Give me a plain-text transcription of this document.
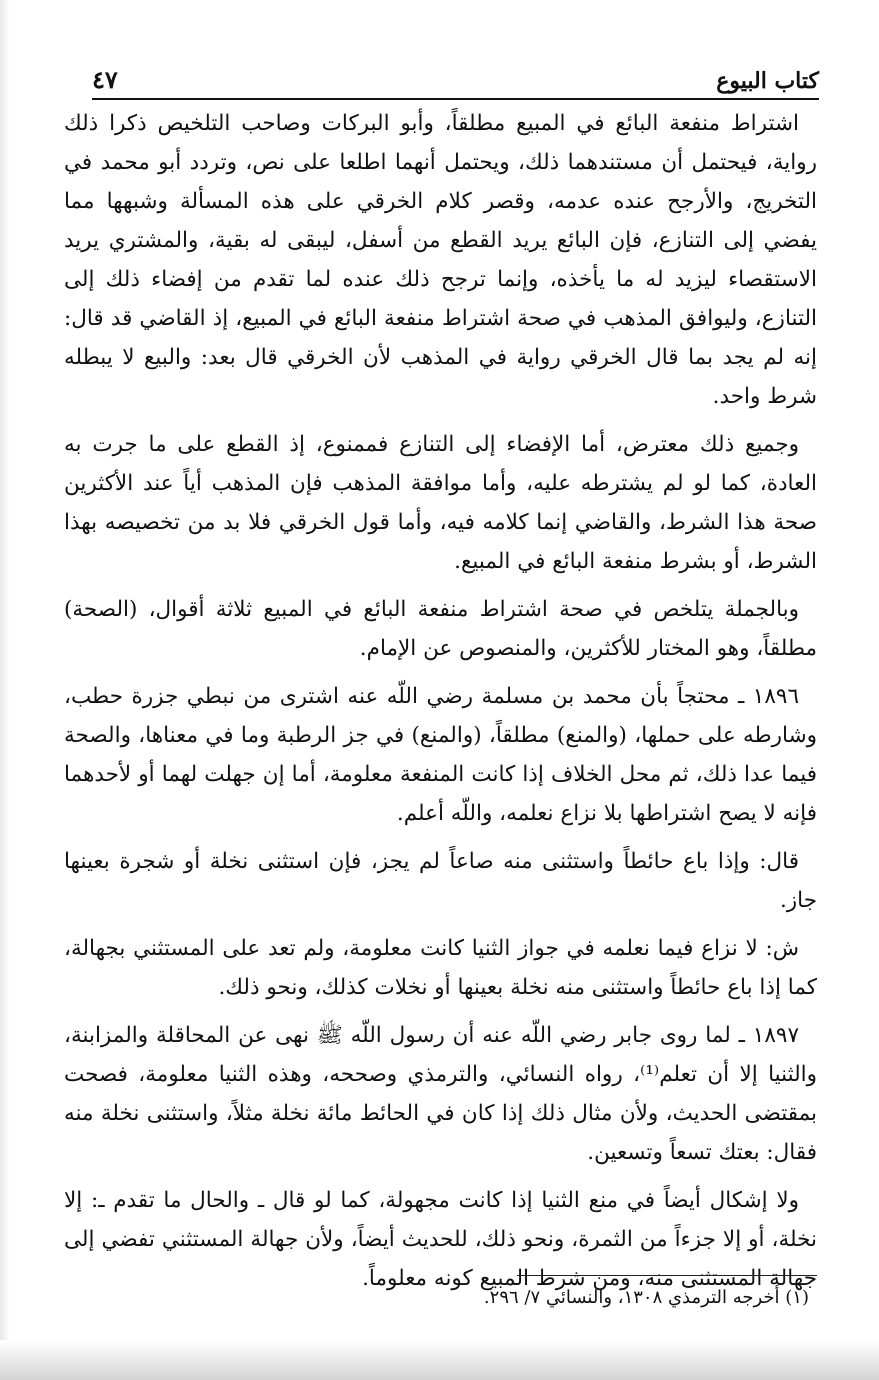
كتاب البيوع
٤٧

اشتراط منفعة البائع في المبيع مطلقاً، وأبو البركات وصاحب التلخيص ذكرا ذلك رواية، فيحتمل أن مستندهما ذلك، ويحتمل أنهما اطلعا على نص، وتردد أبو محمد في التخريج، والأرجح عنده عدمه، وقصر كلام الخرقي على هذه المسألة وشبهها مما يفضي إلى التنازع، فإن البائع يريد القطع من أسفل، ليبقى له بقية، والمشتري يريد الاستقصاء ليزيد له ما يأخذه، وإنما ترجح ذلك عنده لما تقدم من إفضاء ذلك إلى التنازع، وليوافق المذهب في صحة اشتراط منفعة البائع في المبيع، إذ القاضي قد قال: إنه لم يجد بما قال الخرقي رواية في المذهب لأن الخرقي قال بعد: والبيع لا يبطله شرط واحد.

وجميع ذلك معترض، أما الإفضاء إلى التنازع فممنوع، إذ القطع على ما جرت به العادة، كما لو لم يشترطه عليه، وأما موافقة المذهب فإن المذهب أياً عند الأكثرين صحة هذا الشرط، والقاضي إنما كلامه فيه، وأما قول الخرقي فلا بد من تخصيصه بهذا الشرط، أو بشرط منفعة البائع في المبيع.

وبالجملة يتلخص في صحة اشتراط منفعة البائع في المبيع ثلاثة أقوال، (الصحة) مطلقاً، وهو المختار للأكثرين، والمنصوص عن الإمام.

١٨٩٦ ـ محتجاً بأن محمد بن مسلمة رضي اللّه عنه اشترى من نبطي جزرة حطب، وشارطه على حملها، (والمنع) مطلقاً، (والمنع) في جز الرطبة وما في معناها، والصحة فيما عدا ذلك، ثم محل الخلاف إذا كانت المنفعة معلومة، أما إن جهلت لهما أو لأحدهما فإنه لا يصح اشتراطها بلا نزاع نعلمه، واللّه أعلم.

قال: وإذا باع حائطاً واستثنى منه صاعاً لم يجز، فإن استثنى نخلة أو شجرة بعينها جاز.

ش: لا نزاع فيما نعلمه في جواز الثنيا كانت معلومة، ولم تعد على المستثني بجهالة، كما إذا باع حائطاً واستثنى منه نخلة بعينها أو نخلات كذلك، ونحو ذلك.

١٨٩٧ ـ لما روى جابر رضي اللّه عنه أن رسول اللّه ﷺ نهى عن المحاقلة والمزابنة، والثنيا إلا أن تعلم⁽¹⁾، رواه النسائي، والترمذي وصححه، وهذه الثنيا معلومة، فصحت بمقتضى الحديث، ولأن مثال ذلك إذا كان في الحائط مائة نخلة مثلاً، واستثنى نخلة منه فقال: بعتك تسعاً وتسعين.

ولا إشكال أيضاً في منع الثنيا إذا كانت مجهولة، كما لو قال ـ والحال ما تقدم ـ: إلا نخلة، أو إلا جزءاً من الثمرة، ونحو ذلك، للحديث أيضاً، ولأن جهالة المستثني تفضي إلى جهالة المستثنى منه، ومن شرط المبيع كونه معلوماً.

(١) أخرجه الترمذي ١٣٠٨، والنسائي ٧/ ٢٩٦.
